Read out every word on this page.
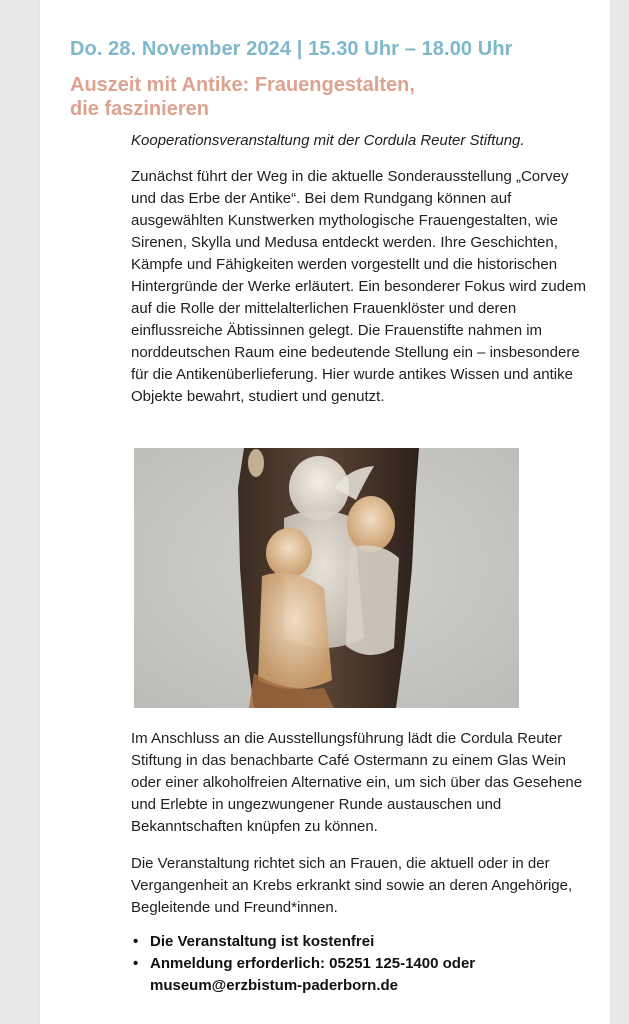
Do. 28. November 2024 | 15.30 Uhr – 18.00 Uhr
Auszeit mit Antike: Frauengestalten,
die faszinieren

Kooperationsveranstaltung mit der Cordula Reuter Stiftung.

Zunächst führt der Weg in die aktuelle Sonderausstellung „Corvey und das Erbe der Antike“. Bei dem Rundgang können auf ausgewählten Kunstwerken mythologische Frauengestalten, wie Sirenen, Skylla und Medusa entdeckt werden. Ihre Geschichten, Kämpfe und Fähigkeiten werden vorgestellt und die historischen Hintergründe der Werke erläutert. Ein besonderer Fokus wird zudem auf die Rolle der mittelalterlichen Frauenklöster und deren einflussreiche Äbtissinnen gelegt. Die Frauenstifte nahmen im norddeutschen Raum eine bedeutende Stellung ein – insbesondere für die Antikenüberlieferung. Hier wurde antikes Wissen und antike Objekte bewahrt, studiert und genutzt.

Im Anschluss an die Ausstellungsführung lädt die Cordula Reuter Stiftung in das benachbarte Café Ostermann zu einem Glas Wein oder einer alkoholfreien Alternative ein, um sich über das Gesehene und Erlebte in ungezwungener Runde austauschen und Bekanntschaften knüpfen zu können.

Die Veranstaltung richtet sich an Frauen, die aktuell oder in der Vergangenheit an Krebs erkrankt sind sowie an deren Angehörige, Begleitende und Freund*innen.

• Die Veranstaltung ist kostenfrei
• Anmeldung erforderlich: 05251 125-1400 oder museum@erzbistum-paderborn.de
